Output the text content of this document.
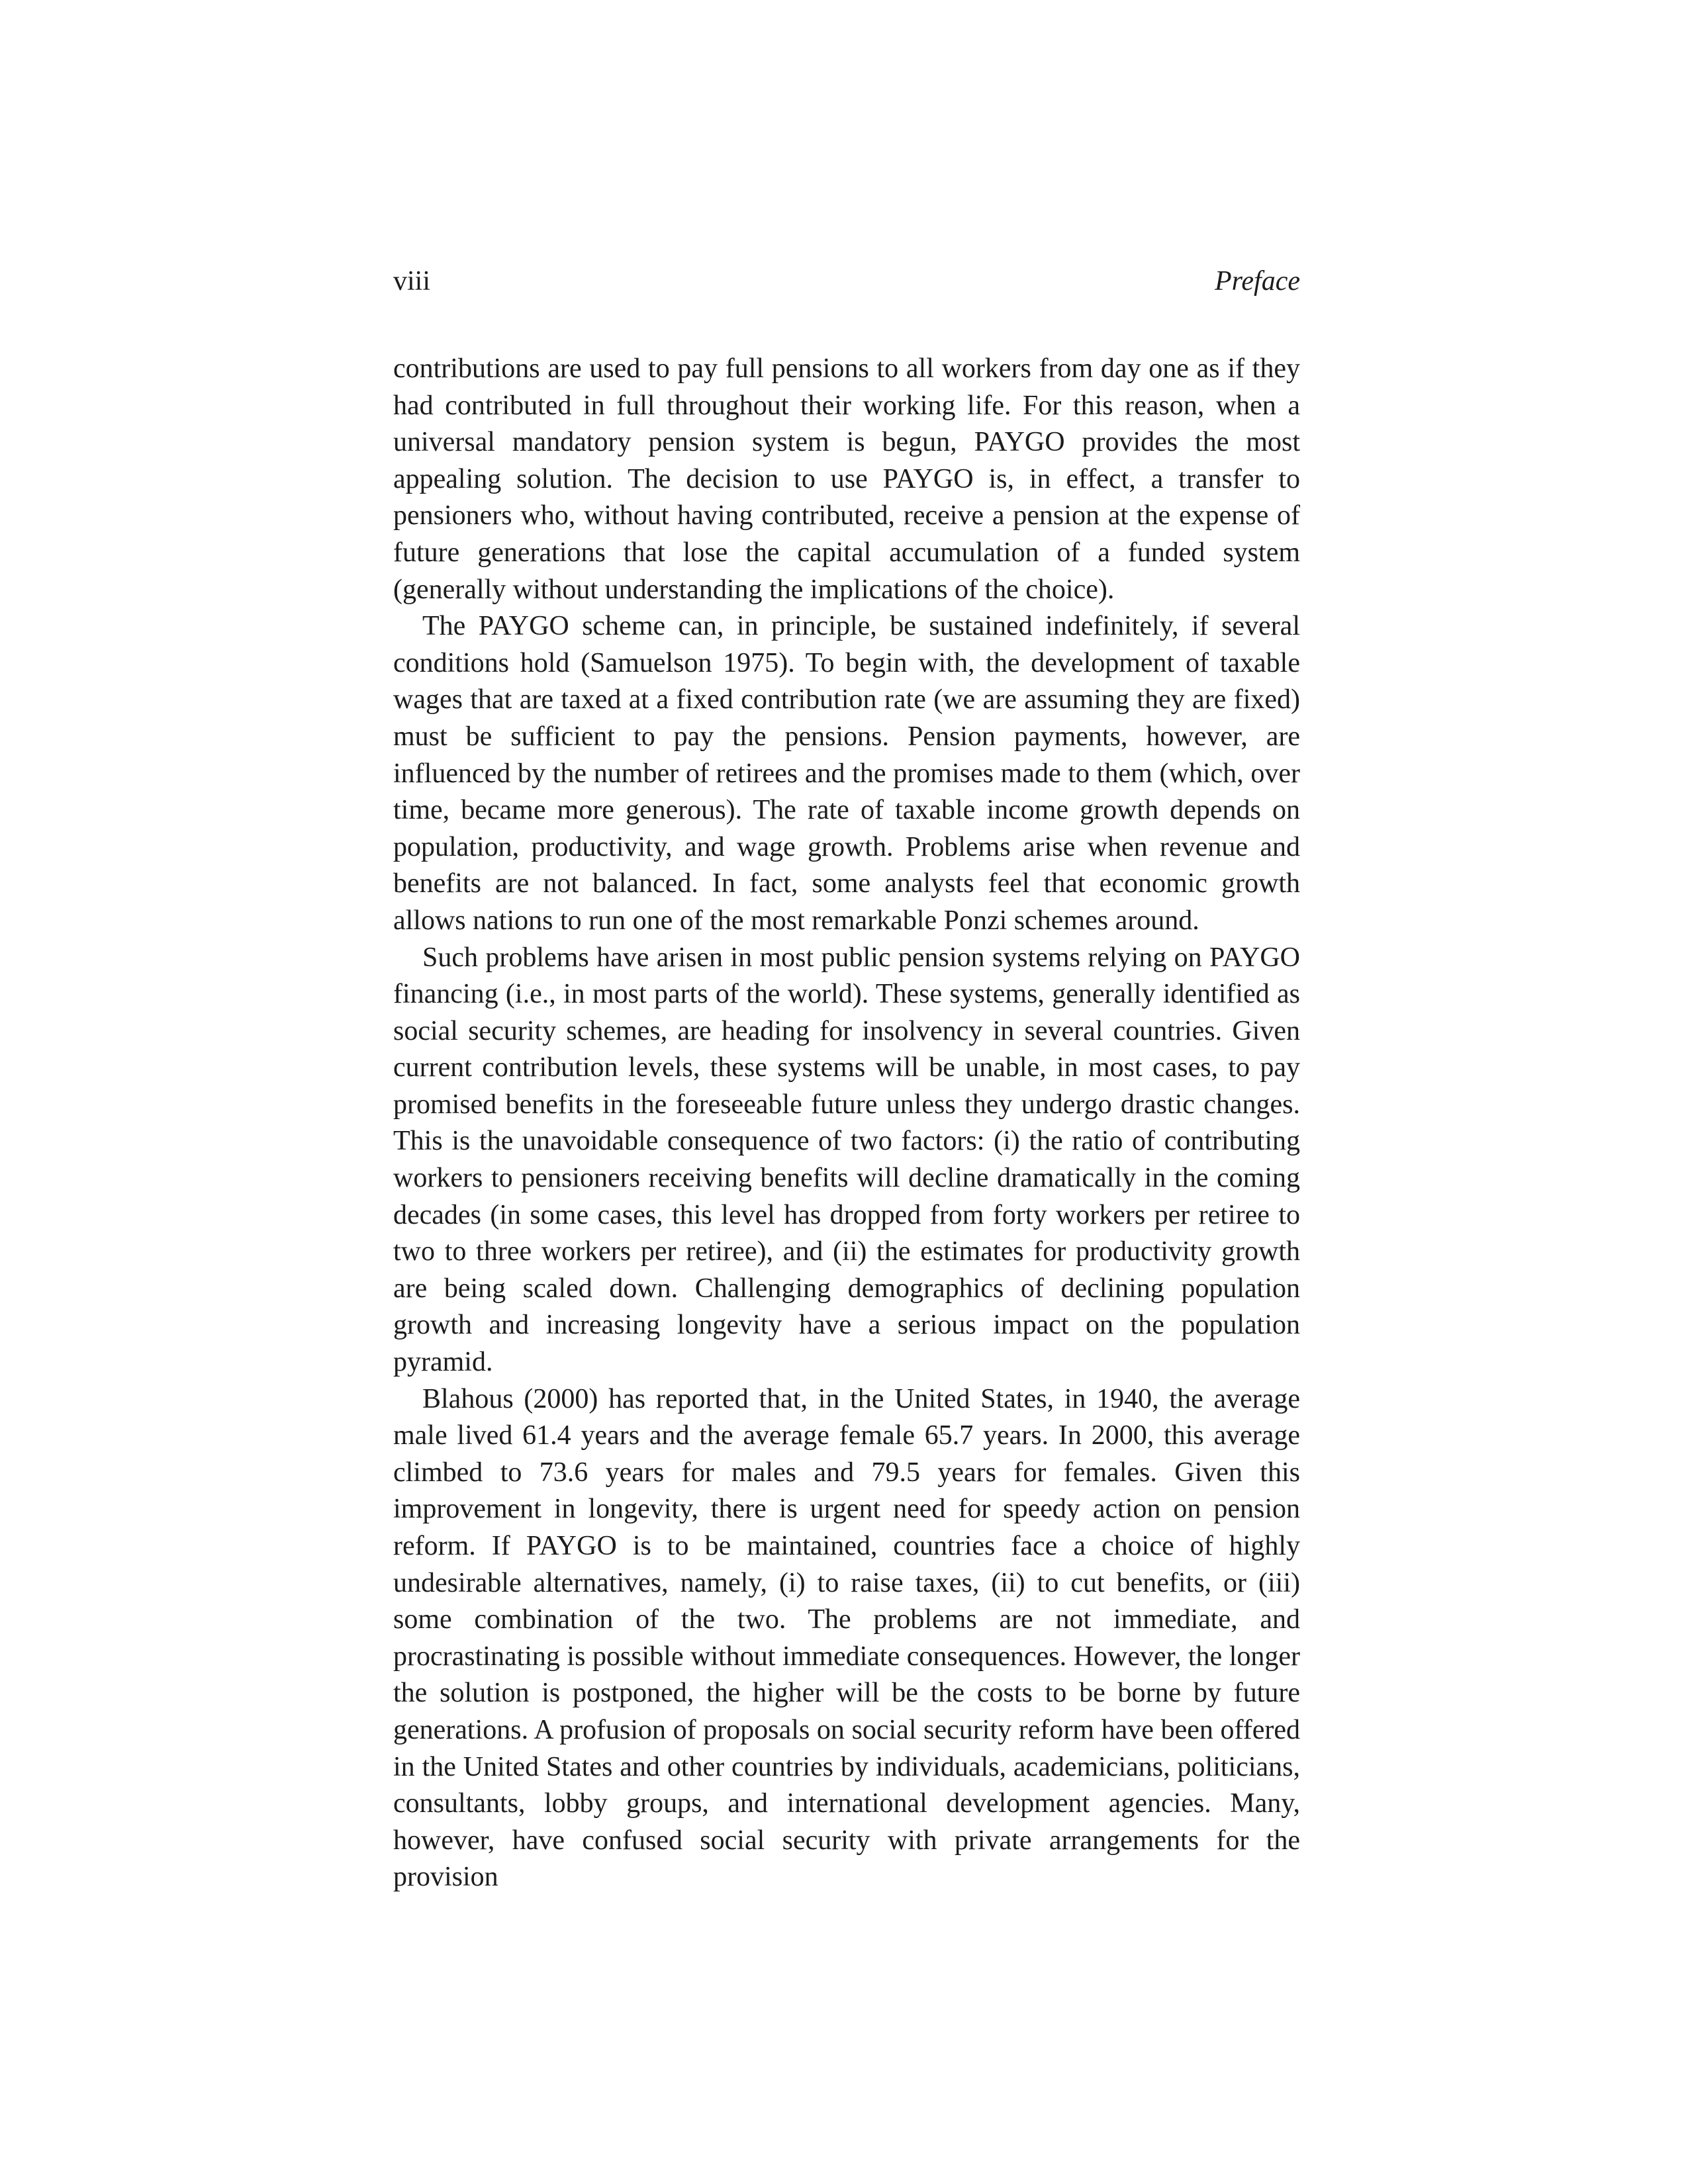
viii	Preface

contributions are used to pay full pensions to all workers from day one as if they had contributed in full throughout their working life. For this reason, when a universal mandatory pension system is begun, PAYGO provides the most appealing solution. The decision to use PAYGO is, in effect, a transfer to pensioners who, without having contributed, receive a pension at the expense of future generations that lose the capital accumulation of a funded system (generally without understanding the implications of the choice).

The PAYGO scheme can, in principle, be sustained indefinitely, if several conditions hold (Samuelson 1975). To begin with, the development of taxable wages that are taxed at a fixed contribution rate (we are assuming they are fixed) must be sufficient to pay the pensions. Pension payments, however, are influenced by the number of retirees and the promises made to them (which, over time, became more generous). The rate of taxable income growth depends on population, productivity, and wage growth. Problems arise when revenue and benefits are not balanced. In fact, some analysts feel that economic growth allows nations to run one of the most remarkable Ponzi schemes around.

Such problems have arisen in most public pension systems relying on PAYGO financing (i.e., in most parts of the world). These systems, generally identified as social security schemes, are heading for insolvency in several countries. Given current contribution levels, these systems will be unable, in most cases, to pay promised benefits in the foreseeable future unless they undergo drastic changes. This is the unavoidable consequence of two factors: (i) the ratio of contributing workers to pensioners receiving benefits will decline dramatically in the coming decades (in some cases, this level has dropped from forty workers per retiree to two to three workers per retiree), and (ii) the estimates for productivity growth are being scaled down. Challenging demographics of declining population growth and increasing longevity have a serious impact on the population pyramid.

Blahous (2000) has reported that, in the United States, in 1940, the average male lived 61.4 years and the average female 65.7 years. In 2000, this average climbed to 73.6 years for males and 79.5 years for females. Given this improvement in longevity, there is urgent need for speedy action on pension reform. If PAYGO is to be maintained, countries face a choice of highly undesirable alternatives, namely, (i) to raise taxes, (ii) to cut benefits, or (iii) some combination of the two. The problems are not immediate, and procrastinating is possible without immediate consequences. However, the longer the solution is postponed, the higher will be the costs to be borne by future generations. A profusion of proposals on social security reform have been offered in the United States and other countries by individuals, academicians, politicians, consultants, lobby groups, and international development agencies. Many, however, have confused social security with private arrangements for the provision
